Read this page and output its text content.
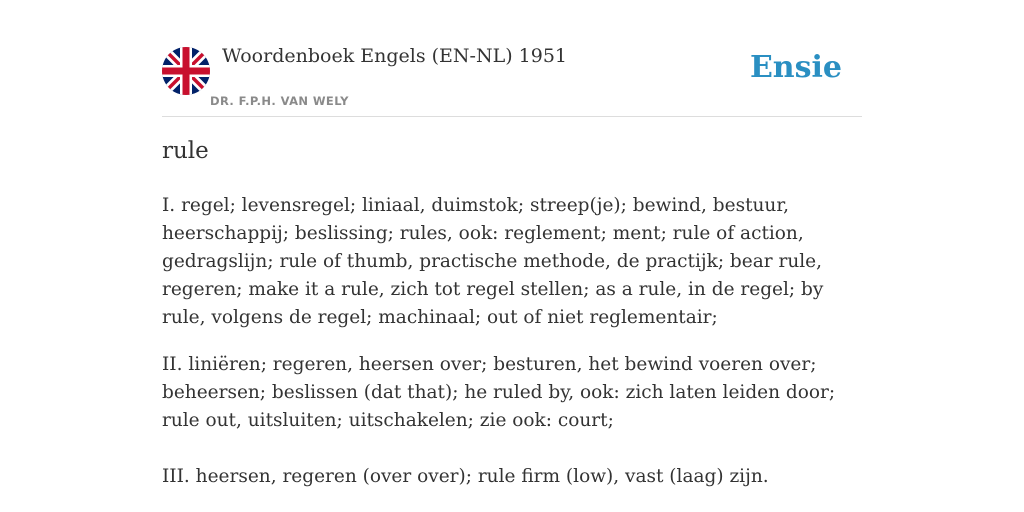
Woordenboek Engels (EN-NL) 1951
DR. F.P.H. VAN WELY
Ensie
rule
I. regel; levensregel; liniaal, duimstok; streep(je); bewind, bestuur, heerschappij; beslissing; rules, ook: reglement; ment; rule of action, gedragslijn; rule of thumb, practische methode, de practijk; bear rule, regeren; make it a rule, zich tot regel stellen; as a rule, in de regel; by rule, volgens de regel; machinaal; out of niet reglementair;
II. liniëren; regeren, heersen over; besturen, het bewind voeren over; beheersen; beslissen (dat that); he ruled by, ook: zich laten leiden door; rule out, uitsluiten; uitschakelen; zie ook: court;
III. heersen, regeren (over over); rule firm (low), vast (laag) zijn.
